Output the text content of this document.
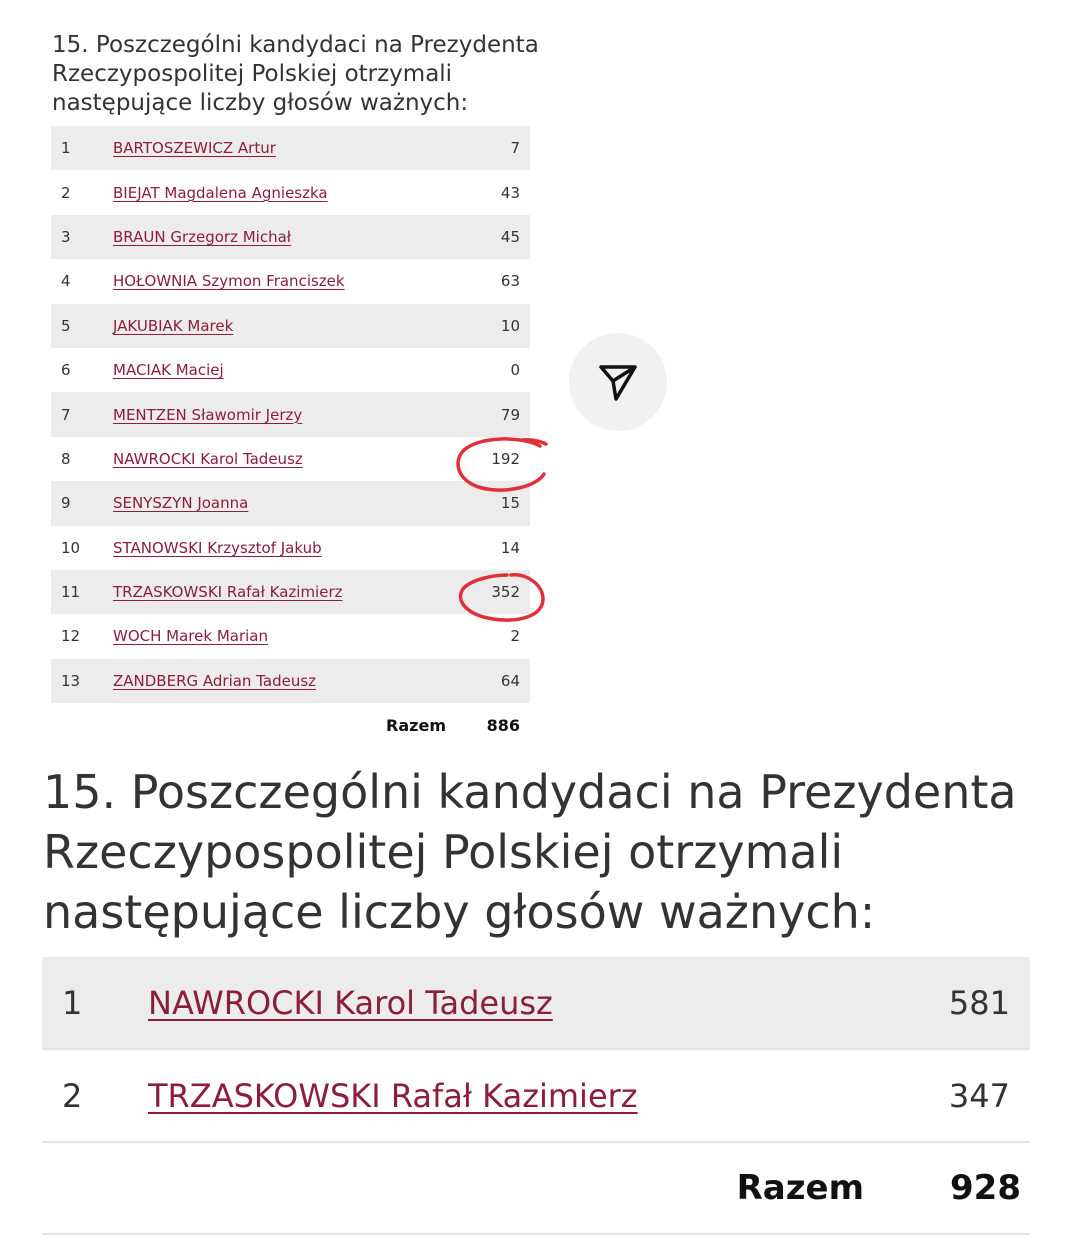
15. Poszczególni kandydaci na Prezydenta Rzeczypospolitej Polskiej otrzymali następujące liczby głosów ważnych:
1	BARTOSZEWICZ Artur	7
2	BIEJAT Magdalena Agnieszka	43
3	BRAUN Grzegorz Michał	45
4	HOŁOWNIA Szymon Franciszek	63
5	JAKUBIAK Marek	10
6	MACIAK Maciej	0
7	MENTZEN Sławomir Jerzy	79
8	NAWROCKI Karol Tadeusz	192
9	SENYSZYN Joanna	15
10	STANOWSKI Krzysztof Jakub	14
11	TRZASKOWSKI Rafał Kazimierz	352
12	WOCH Marek Marian	2
13	ZANDBERG Adrian Tadeusz	64
Razem	886
15. Poszczególni kandydaci na Prezydenta Rzeczypospolitej Polskiej otrzymali następujące liczby głosów ważnych:
1	NAWROCKI Karol Tadeusz	581
2	TRZASKOWSKI Rafał Kazimierz	347
Razem	928
